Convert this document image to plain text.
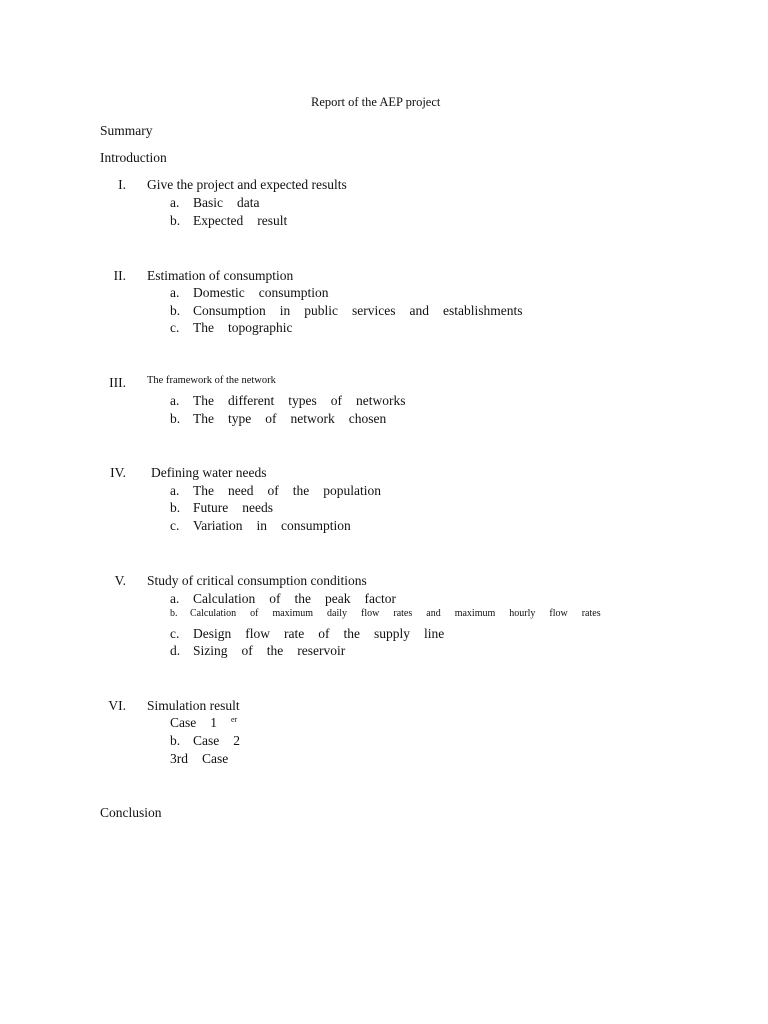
Report of the AEP project
Summary
Introduction
I. Give the project and expected results
a. Basic data
b. Expected result
II. Estimation of consumption
a. Domestic consumption
b. Consumption in public services and establishments
c. The topographic
III. The framework of the network
a. The different types of networks
b. The type of network chosen
IV. Defining water needs
a. The need of the population
b. Future needs
c. Variation in consumption
V. Study of critical consumption conditions
a. Calculation of the peak factor
b. Calculation of maximum daily flow rates and maximum hourly flow rates
c. Design flow rate of the supply line
d. Sizing of the reservoir
VI. Simulation result
Case 1 $^{er}$
b. Case 2
3rd Case
Conclusion
